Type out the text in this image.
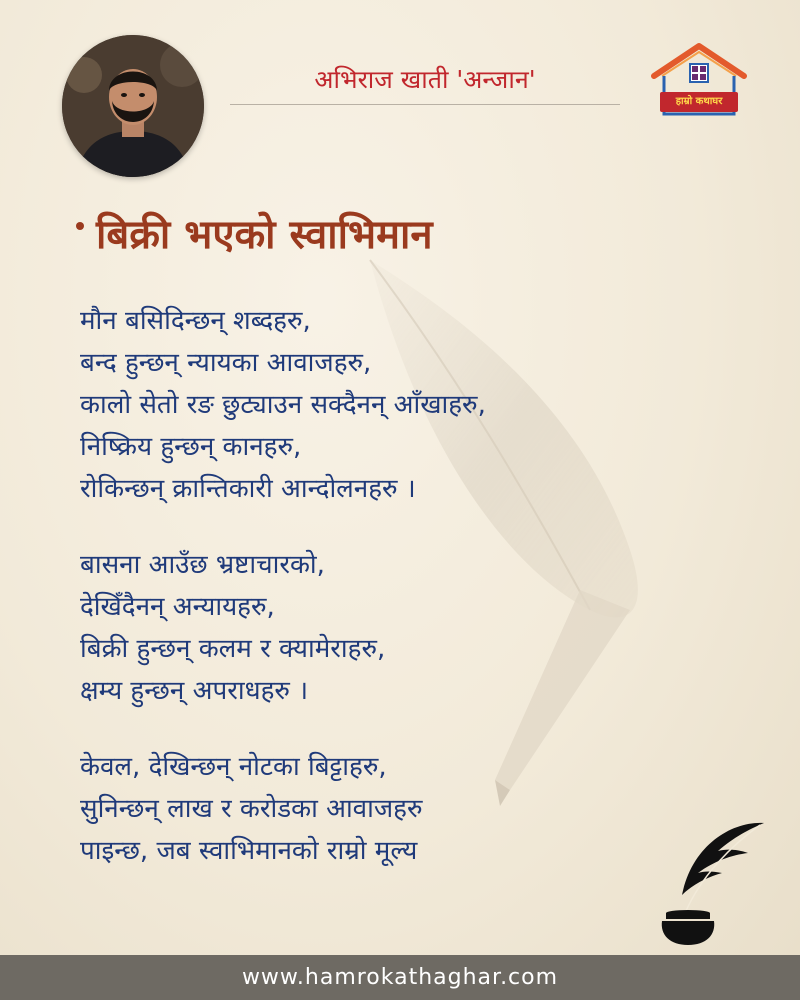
अभिराज खाती 'अन्जान'
हाम्रो कथाघर
बिक्री भएको स्वाभिमान
मौन बसिदिन्छन् शब्दहरु,
बन्द हुन्छन् न्यायका आवाजहरु,
कालो सेतो रङ छुट्याउन सक्दैनन् आँखाहरु,
निष्क्रिय हुन्छन् कानहरु,
रोकिन्छन् क्रान्तिकारी आन्दोलनहरु ।
बासना आउँछ भ्रष्टाचारको,
देखिँदैनन् अन्यायहरु,
बिक्री हुन्छन् कलम र क्यामेराहरु,
क्षम्य हुन्छन् अपराधहरु ।
केवल, देखिन्छन् नोटका बिट्टाहरु,
सुनिन्छन् लाख र करोडका आवाजहरु
पाइन्छ, जब स्वाभिमानको राम्रो मूल्य
www.hamrokathaghar.com
